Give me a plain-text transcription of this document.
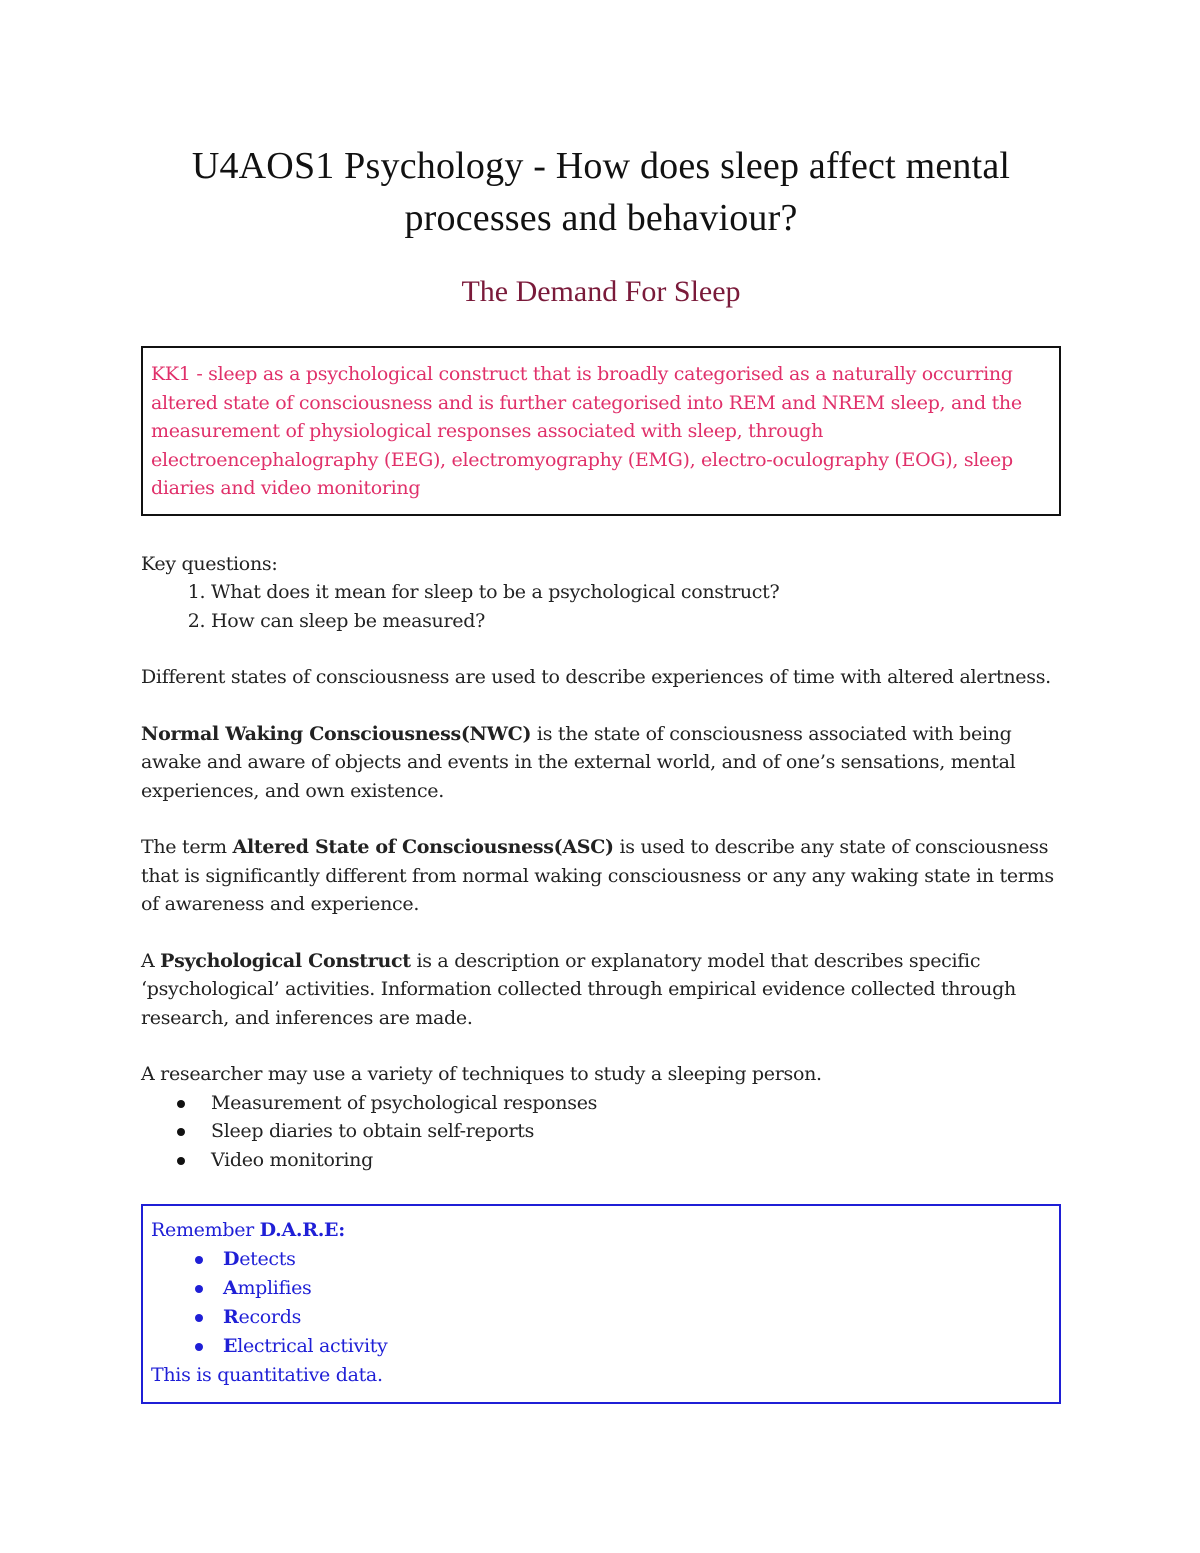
U4AOS1 Psychology - How does sleep affect mental processes and behaviour?
The Demand For Sleep
KK1 - sleep as a psychological construct that is broadly categorised as a naturally occurring altered state of consciousness and is further categorised into REM and NREM sleep, and the measurement of physiological responses associated with sleep, through electroencephalography (EEG), electromyography (EMG), electro-oculography (EOG), sleep diaries and video monitoring

Key questions:

1. What does it mean for sleep to be a psychological construct?
2. How can sleep be measured?

Different states of consciousness are used to describe experiences of time with altered alertness.

Normal Waking Consciousness(NWC) is the state of consciousness associated with being awake and aware of objects and events in the external world, and of one’s sensations, mental experiences, and own existence.

The term Altered State of Consciousness(ASC) is used to describe any state of consciousness that is significantly different from normal waking consciousness or any any waking state in terms of awareness and experience.

A Psychological Construct is a description or explanatory model that describes specific ‘psychological’ activities. Information collected through empirical evidence collected through research, and inferences are made.

A researcher may use a variety of techniques to study a sleeping person.

Measurement of psychological responses
Sleep diaries to obtain self-reports
Video monitoring

Remember D.A.R.E:

Detects
Amplifies
Records
Electrical activity

This is quantitative data.
